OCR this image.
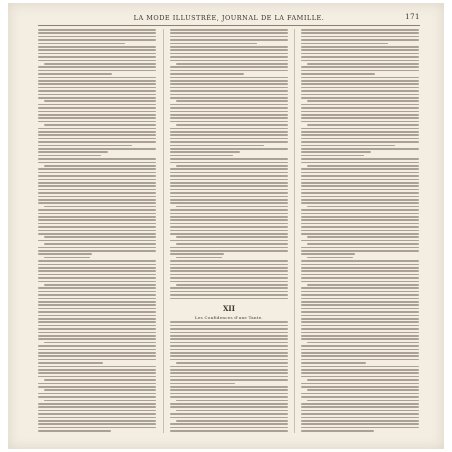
LA MODE ILLUSTRÉE, JOURNAL DE LA FAMILLE.	171
XII
Les Confidences d'une Tante.
